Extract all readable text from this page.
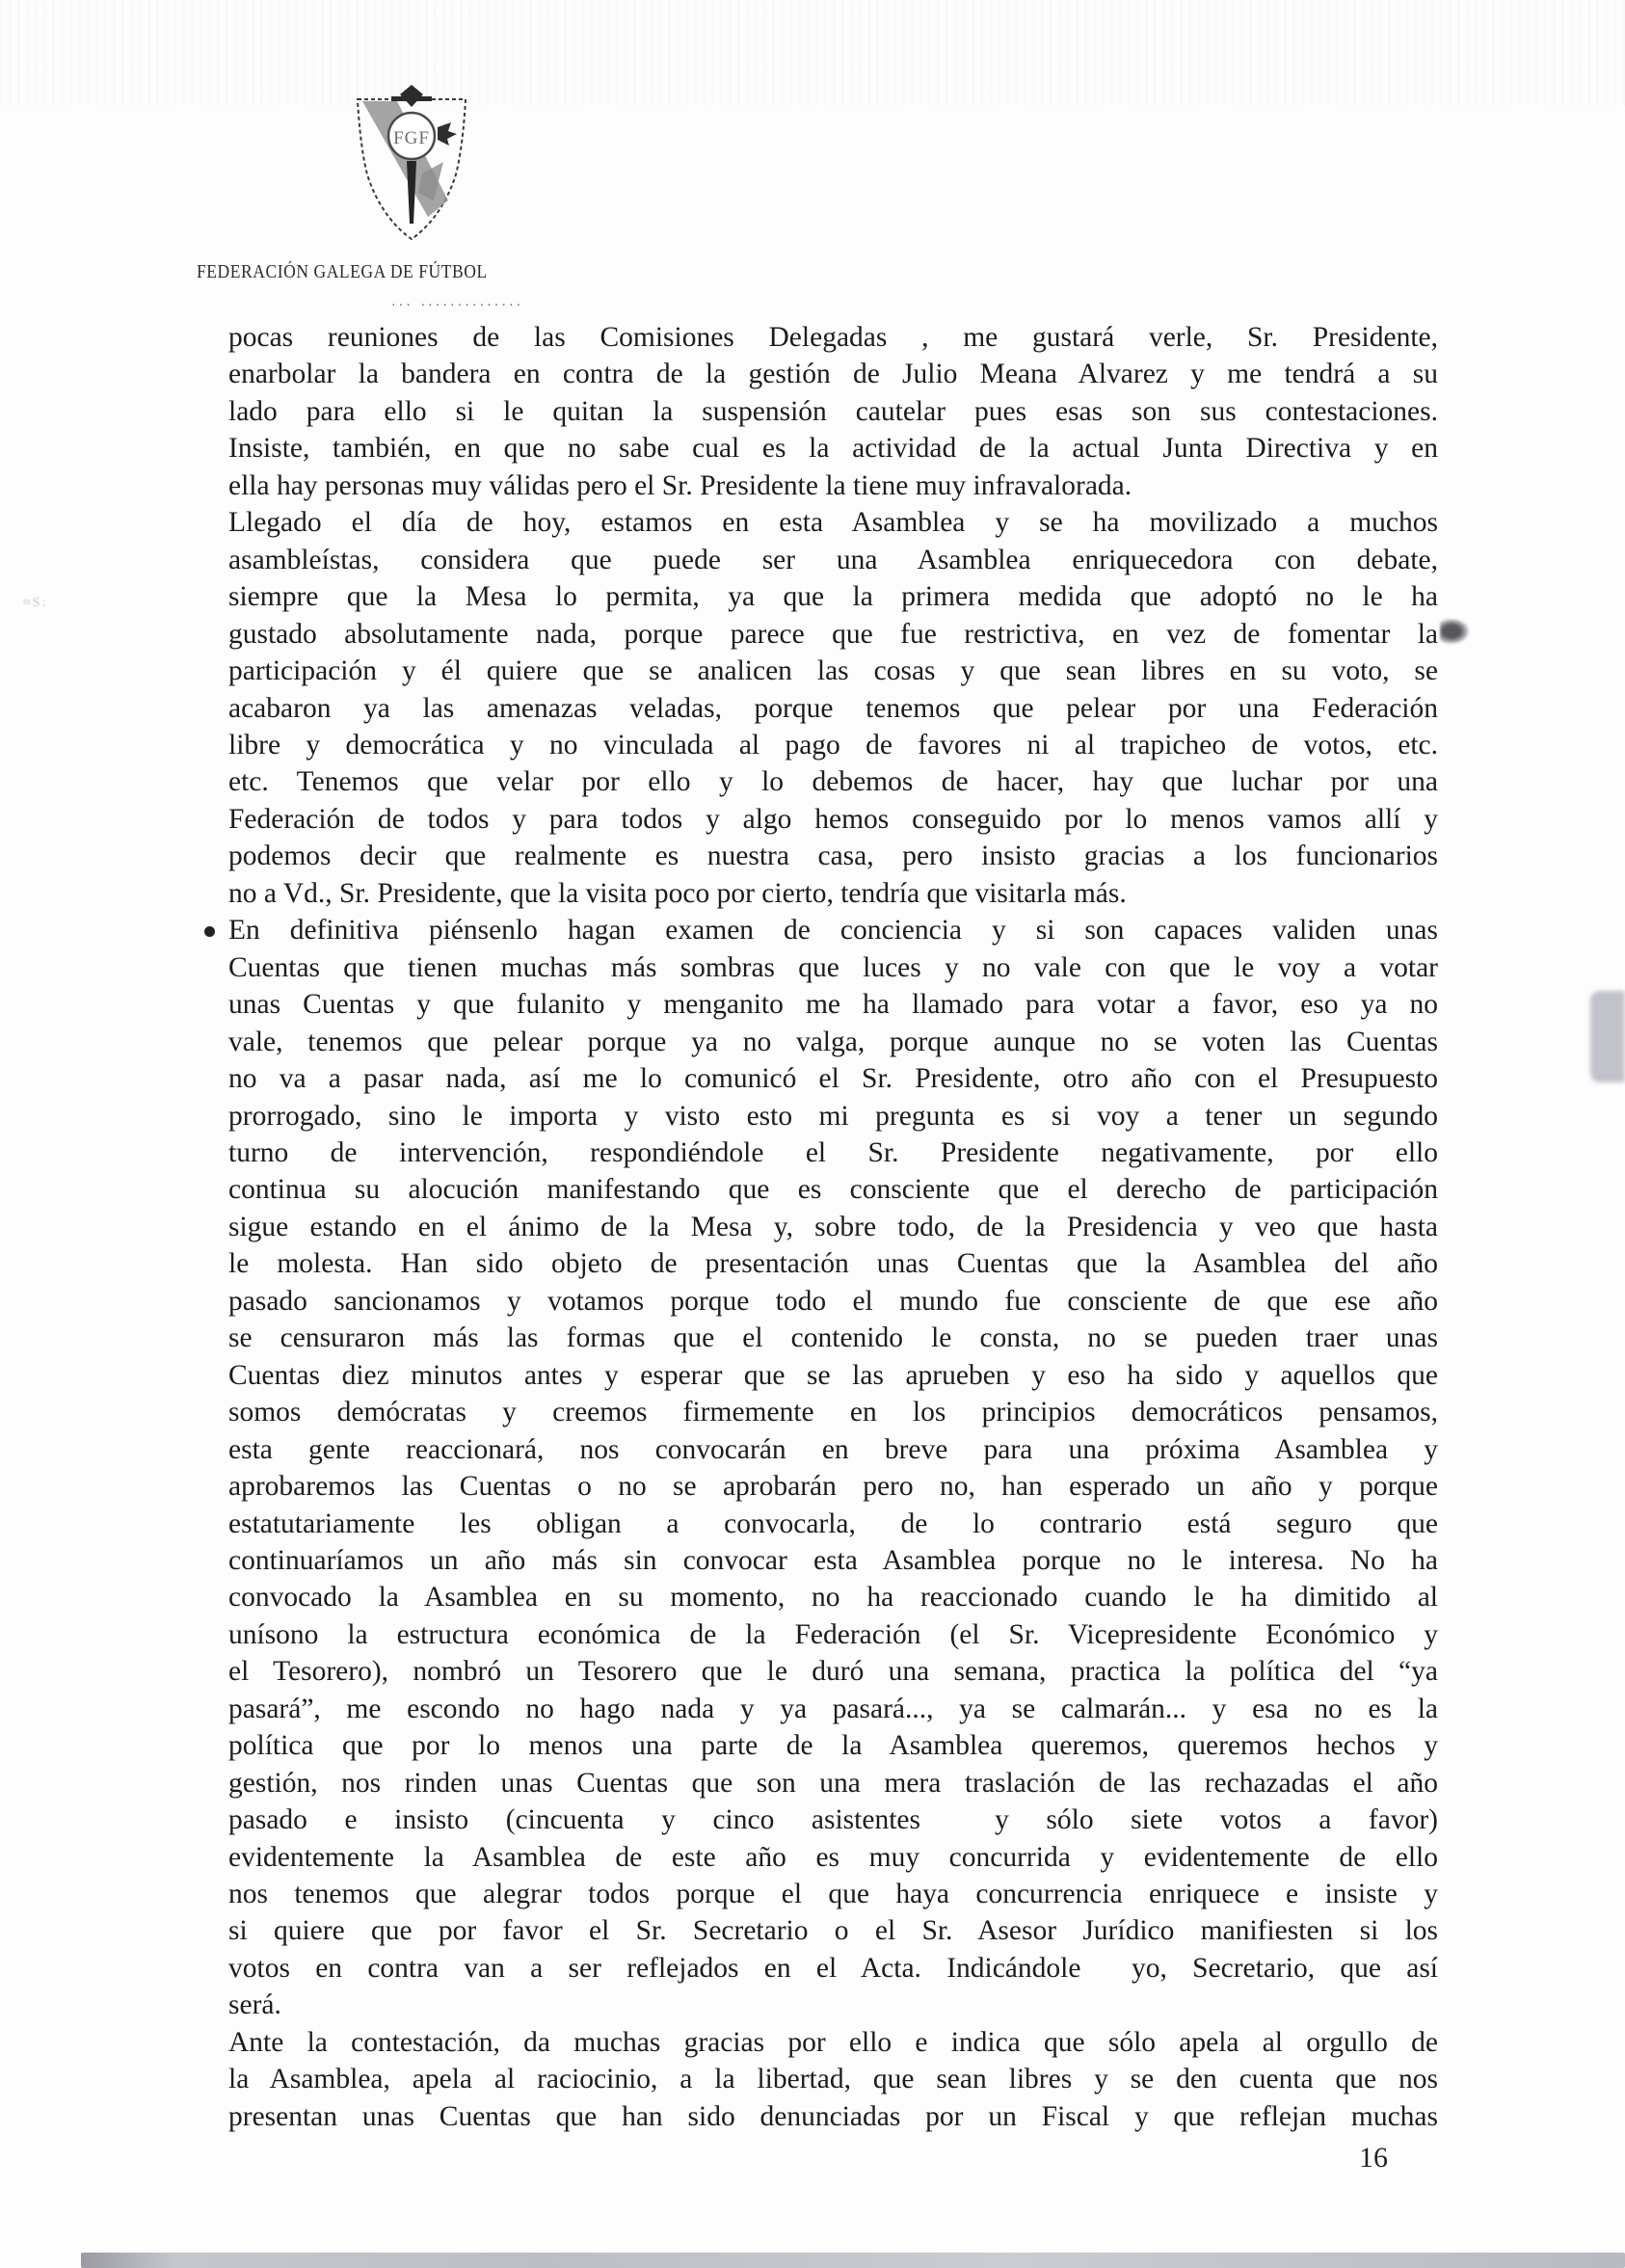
FGF
FEDERACIÓN GALEGA DE FÚTBOL
··· ··············
≈S:
pocas reuniones de las Comisiones Delegadas , me gustará verle, Sr. Presidente,
enarbolar la bandera en contra de la gestión de Julio Meana Alvarez y me tendrá a su
lado para ello si le quitan la suspensión cautelar pues esas son sus contestaciones.
Insiste, también, en que no sabe cual es la actividad de la actual Junta Directiva y en
ella hay personas muy válidas pero el Sr. Presidente la tiene muy infravalorada.
Llegado el día de hoy, estamos en esta Asamblea y se ha movilizado a muchos
asambleístas, considera que puede ser una Asamblea enriquecedora con debate,
siempre que la Mesa lo permita, ya que la primera medida que adoptó no le ha
gustado absolutamente nada, porque parece que fue restrictiva, en vez de fomentar la
participación y él quiere que se analicen las cosas y que sean libres en su voto, se
acabaron ya las amenazas veladas, porque tenemos que pelear por una Federación
libre y democrática y no vinculada al pago de favores ni al trapicheo de votos, etc.
etc. Tenemos que velar por ello y lo debemos de hacer, hay que luchar por una
Federación de todos y para todos y algo hemos conseguido por lo menos vamos allí y
podemos decir que realmente es nuestra casa, pero insisto gracias a los funcionarios
no a Vd., Sr. Presidente, que la visita poco por cierto, tendría que visitarla más.
En definitiva piénsenlo hagan examen de conciencia y si son capaces validen unas
Cuentas que tienen muchas más sombras que luces y no vale con que le voy a votar
unas Cuentas y que fulanito y menganito me ha llamado para votar a favor, eso ya no
vale, tenemos que pelear porque ya no valga, porque aunque no se voten las Cuentas
no va a pasar nada, así me lo comunicó el Sr. Presidente, otro año con el Presupuesto
prorrogado, sino le importa y visto esto mi pregunta es si voy a tener un segundo
turno de intervención, respondiéndole el Sr. Presidente negativamente, por ello
continua su alocución manifestando que es consciente que el derecho de participación
sigue estando en el ánimo de la Mesa y, sobre todo, de la Presidencia y veo que hasta
le molesta. Han sido objeto de presentación unas Cuentas que la Asamblea del año
pasado sancionamos y votamos porque todo el mundo fue consciente de que ese año
se censuraron más las formas que el contenido le consta, no se pueden traer unas
Cuentas diez minutos antes y esperar que se las aprueben y eso ha sido y aquellos que
somos demócratas y creemos firmemente en los principios democráticos pensamos,
esta gente reaccionará, nos convocarán en breve para una próxima Asamblea y
aprobaremos las Cuentas o no se aprobarán pero no, han esperado un año y porque
estatutariamente les obligan a convocarla, de lo contrario está seguro que
continuaríamos un año más sin convocar esta Asamblea porque no le interesa. No ha
convocado la Asamblea en su momento, no ha reaccionado cuando le ha dimitido al
unísono la estructura económica de la Federación (el Sr. Vicepresidente Económico y
el Tesorero), nombró un Tesorero que le duró una semana, practica la política del “ya
pasará”, me escondo no hago nada y ya pasará..., ya se calmarán... y esa no es la
política que por lo menos una parte de la Asamblea queremos, queremos hechos y
gestión, nos rinden unas Cuentas que son una mera traslación de las rechazadas el año
pasado e insisto (cincuenta y cinco asistentes  y sólo siete votos a favor)
evidentemente la Asamblea de este año es muy concurrida y evidentemente de ello
nos tenemos que alegrar todos porque el que haya concurrencia enriquece e insiste y
si quiere que por favor el Sr. Secretario o el Sr. Asesor Jurídico manifiesten si los
votos en contra van a ser reflejados en el Acta. Indicándole  yo, Secretario, que así
será.
Ante la contestación, da muchas gracias por ello e indica que sólo apela al orgullo de
la Asamblea, apela al raciocinio, a la libertad, que sean libres y se den cuenta que nos
presentan unas Cuentas que han sido denunciadas por un Fiscal y que reflejan muchas
16
